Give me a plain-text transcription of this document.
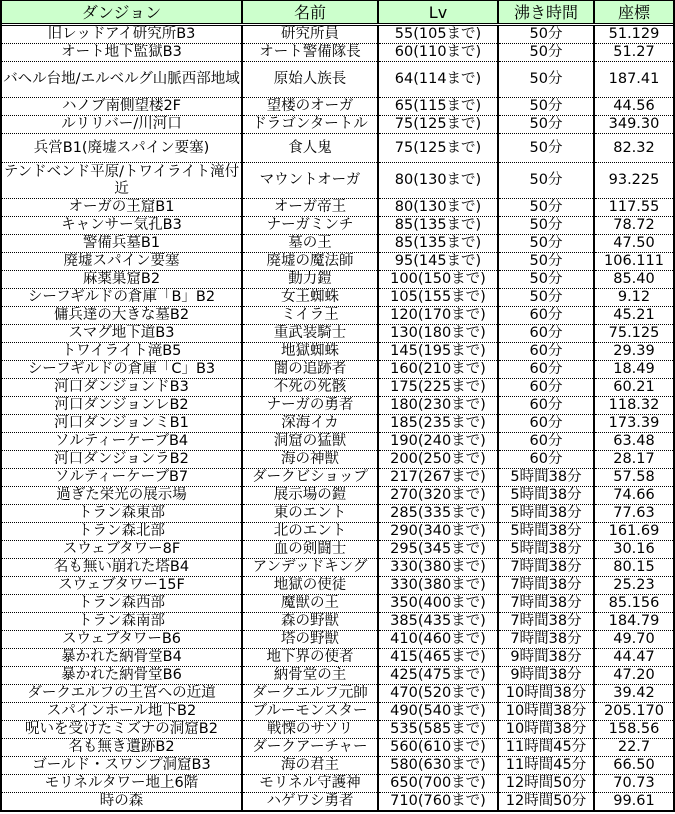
ダンジョン	名前	Lv	沸き時間	座標
旧レッドアイ研究所B3	研究所員	55(105まで)	50分	51.129
オート地下監獄B3	オート警備隊長	60(110まで)	50分	51.27
バヘル台地/エルベルグ山脈西部地域	原始人族長	64(114まで)	50分	187.41
ハノブ南側望楼2F	望楼のオーガ	65(115まで)	50分	44.56
ルリリバー/川河口	ドラゴンタートル	75(125まで)	50分	349.30
兵営B1(廃墟スパイン要塞)	食人鬼	75(125まで)	50分	82.32
テンドベンド平原/トワイライト滝付近	マウントオーガ	80(130まで)	50分	93.225
オーガの王窟B1	オーガ帝王	80(130まで)	50分	117.55
キャンサー気孔B3	ナーガミンチ	85(135まで)	50分	78.72
警備兵墓B1	墓の王	85(135まで)	50分	47.50
廃墟スパイン要塞	廃墟の魔法師	95(145まで)	50分	106.111
麻薬巣窟B2	動力鎧	100(150まで)	50分	85.40
シーフギルドの倉庫「B」B2	女王蜘蛛	105(155まで)	50分	9.12
傭兵達の大きな墓B2	ミイラ王	120(170まで)	60分	45.21
スマグ地下道B3	重武装騎士	130(180まで)	60分	75.125
トワイライト滝B5	地獄蜘蛛	145(195まで)	60分	29.39
シーフギルドの倉庫「C」B3	闇の追跡者	160(210まで)	60分	18.49
河口ダンジョンドB3	不死の死骸	175(225まで)	60分	60.21
河口ダンジョンレB2	ナーガの勇者	180(230まで)	60分	118.32
河口ダンジョンミB1	深海イカ	185(235まで)	60分	173.39
ソルティーケーブB4	洞窟の猛獣	190(240まで)	60分	63.48
河口ダンジョンラB2	海の神獣	200(250まで)	60分	28.17
ソルティーケーブB7	ダークビショップ	217(267まで)	5時間38分	57.58
過ぎた栄光の展示場	展示場の鎧	270(320まで)	5時間38分	74.66
トラン森東部	東のエント	285(335まで)	5時間38分	77.63
トラン森北部	北のエント	290(340まで)	5時間38分	161.69
スウェブタワー8F	血の剣闘士	295(345まで)	5時間38分	30.16
名も無い崩れた塔B4	アンデッドキング	330(380まで)	7時間38分	80.15
スウェブタワー15F	地獄の使徒	330(380まで)	7時間38分	25.23
トラン森西部	魔獣の王	350(400まで)	7時間38分	85.156
トラン森南部	森の野獣	385(435まで)	7時間38分	184.79
スウェブタワーB6	塔の野獣	410(460まで)	7時間38分	49.70
暴かれた納骨堂B4	地下界の使者	415(465まで)	9時間38分	44.47
暴かれた納骨堂B6	納骨堂の主	425(475まで)	9時間38分	47.20
ダークエルフの王宮への近道	ダークエルフ元帥	470(520まで)	10時間38分	39.42
スパインホール地下B2	ブルーモンスター	490(540まで)	10時間38分	205.170
呪いを受けたミズナの洞窟B2	戦慄のサソリ	535(585まで)	10時間38分	158.56
名も無き遺跡B2	ダークアーチャー	560(610まで)	11時間45分	22.7
ゴールド・スワンプ洞窟B3	海の君主	580(630まで)	11時間45分	66.50
モリネルタワー地上6階	モリネル守護神	650(700まで)	12時間50分	70.73
時の森	ハゲワシ勇者	710(760まで)	12時間50分	99.61
